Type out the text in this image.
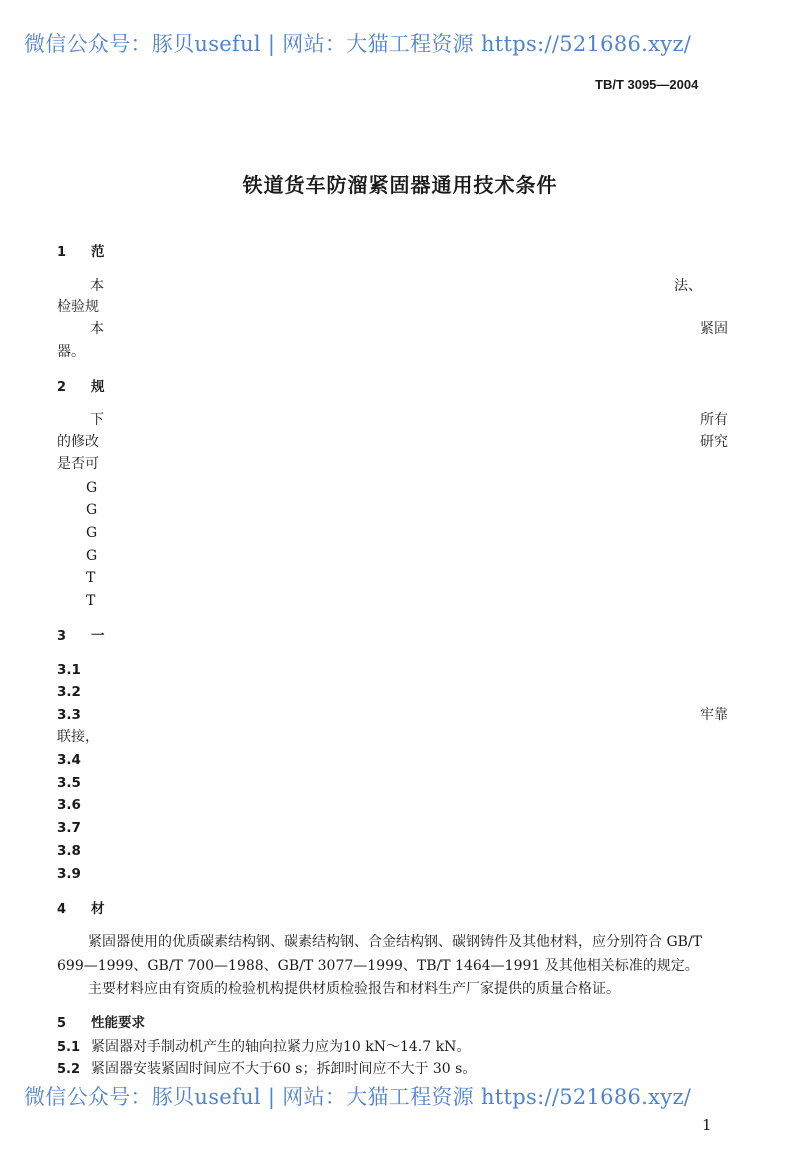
微信公众号：豚贝useful | 网站：大猫工程资源 https://521686.xyz/
TB/T 3095—2004
铁道货车防溜紧固器通用技术条件
1 范
本
检验规
本
器。
2 规
下
的修改
是否可
G
G
G
G
T
T
3 一
3.1
3.2
3.3
联接，
3.4
3.5
3.6
3.7
3.8
3.9
法、
紧固
所有
研究
牢靠
4 材
紧固器使用的优质碳素结构钢、碳素结构钢、合金结构钢、碳钢铸件及其他材料，应分别符合 GB/T
699—1999、GB/T 700—1988、GB/T 3077—1999、TB/T 1464—1991 及其他相关标准的规定。
主要材料应由有资质的检验机构提供材质检验报告和材料生产厂家提供的质量合格证。
5 性能要求
5.1 紧固器对手制动机产生的轴向拉紧力应为10 kN～14.7 kN。
5.2 紧固器安装紧固时间应不大于60 s；拆卸时间应不大于 30 s。
微信公众号：豚贝useful | 网站：大猫工程资源 https://521686.xyz/
1
